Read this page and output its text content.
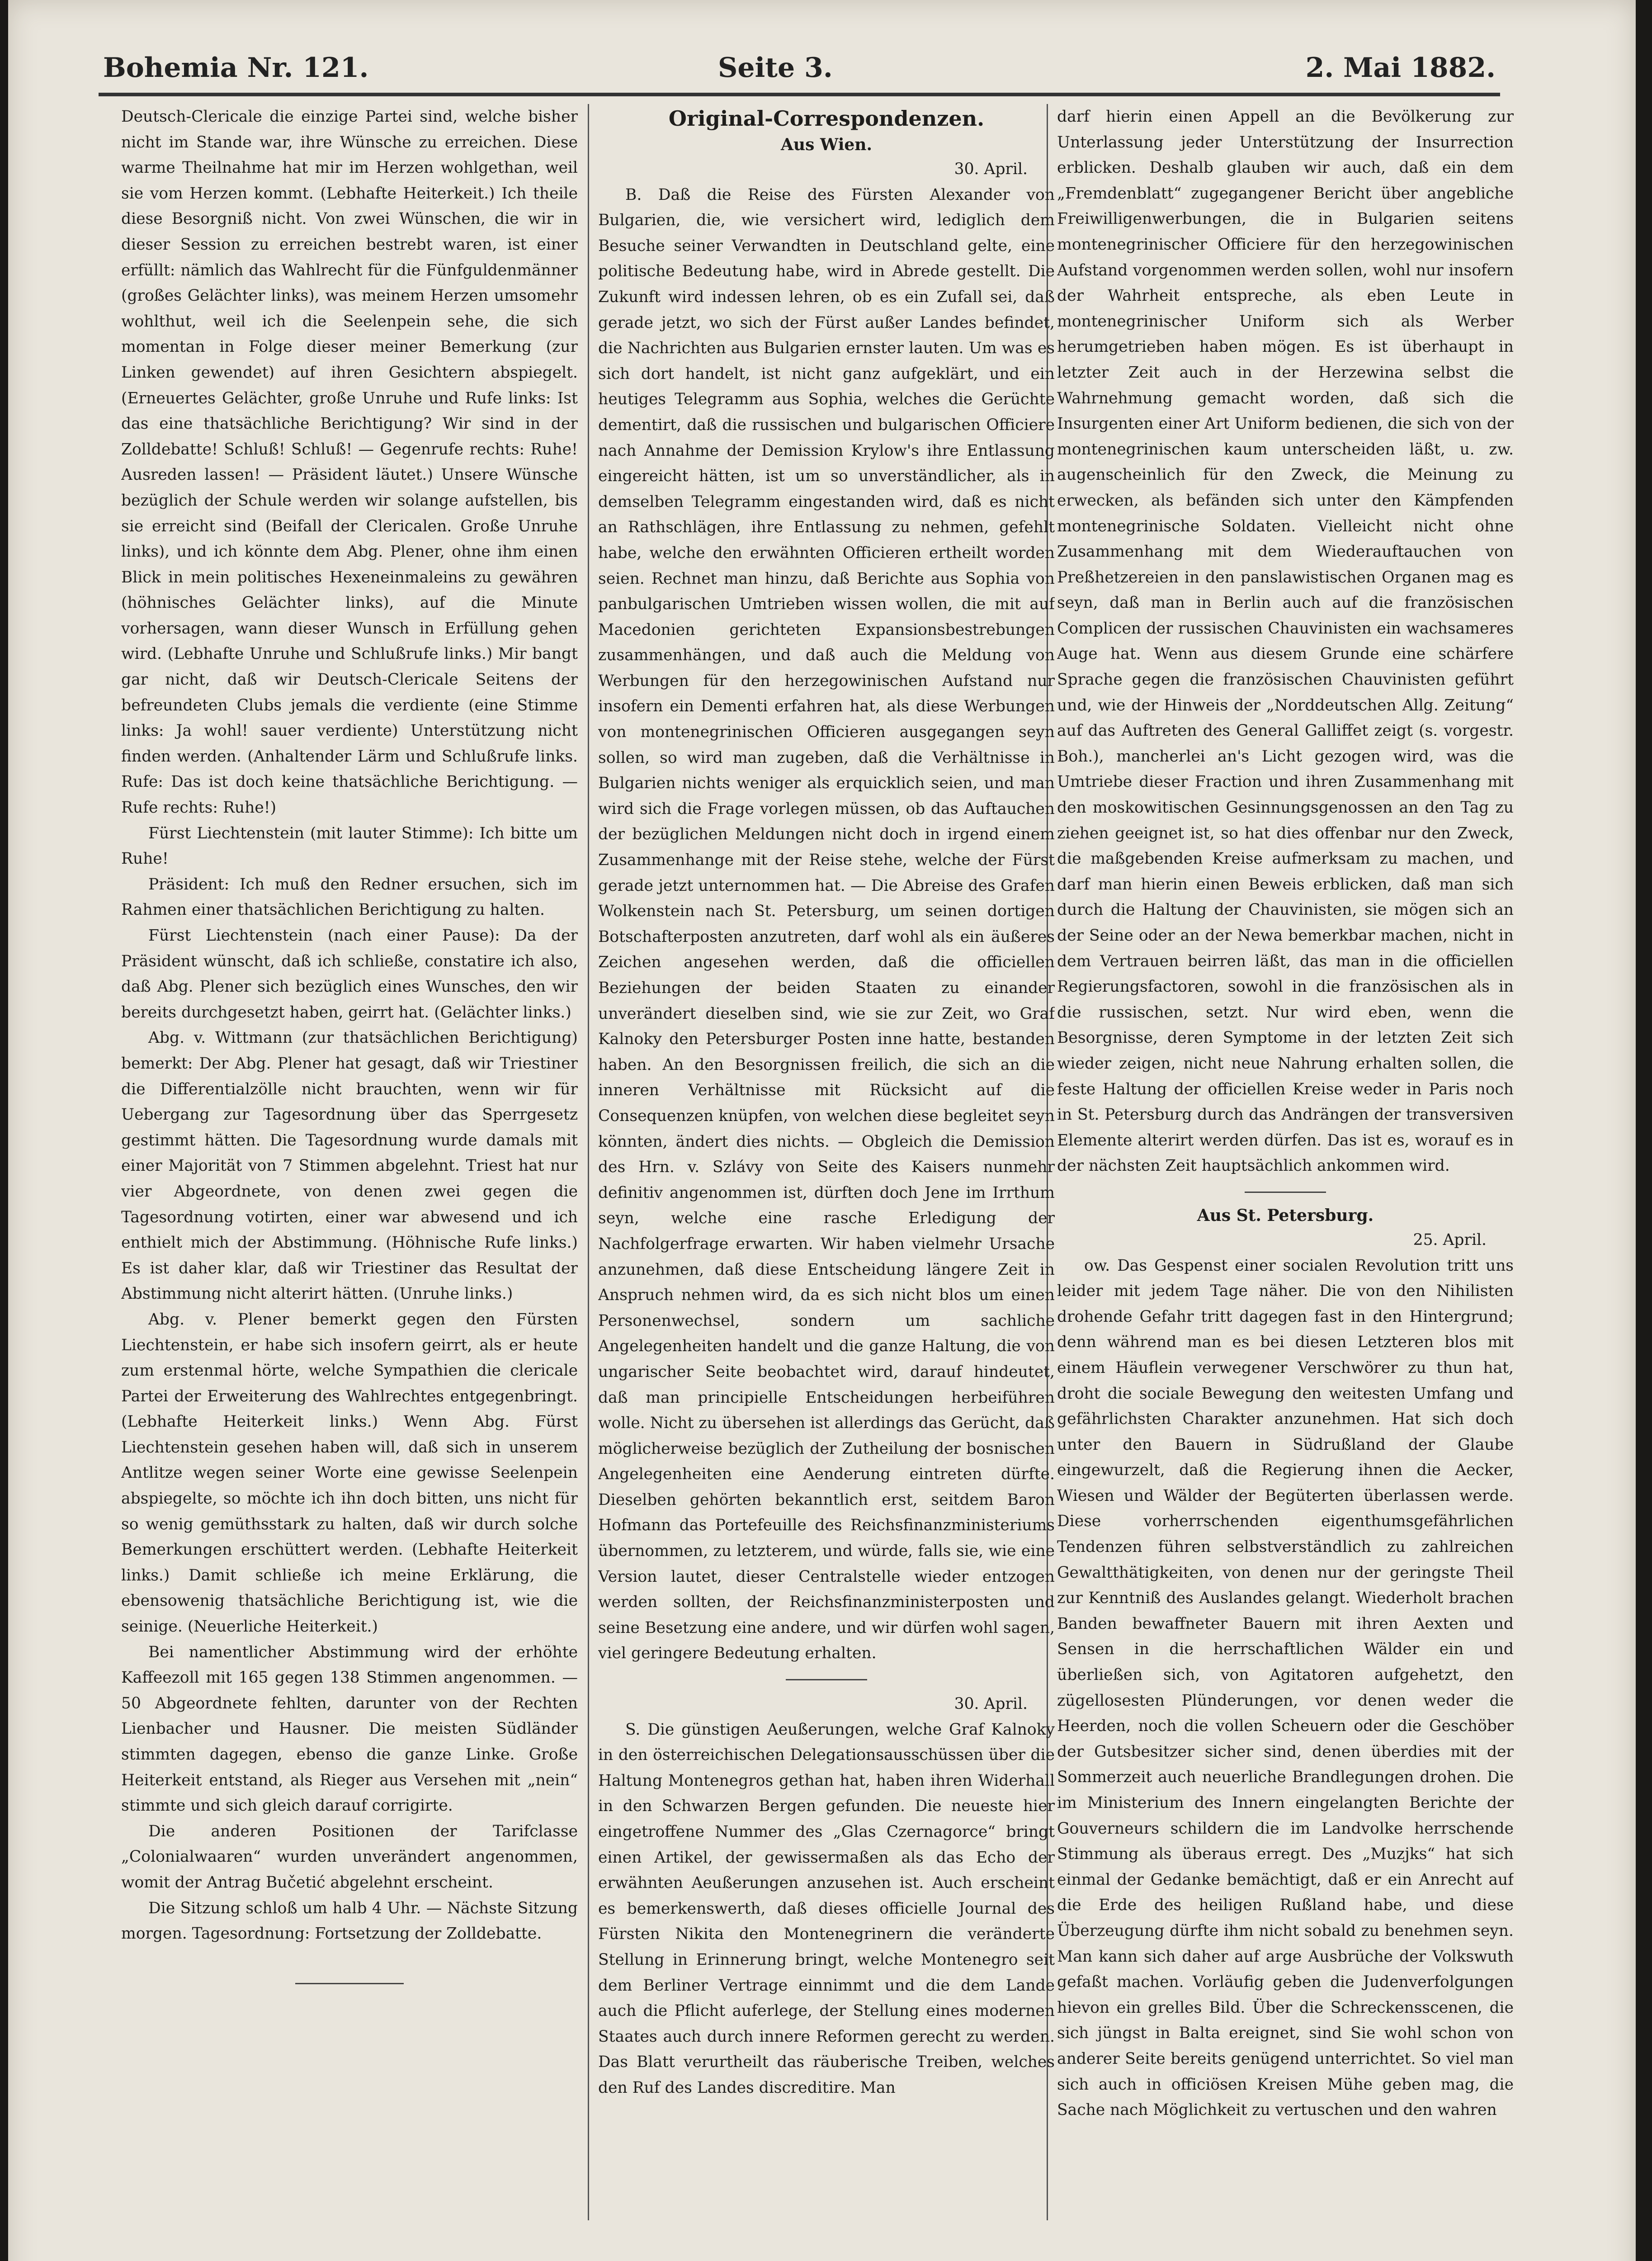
Bohemia Nr. 121.	Seite 3.	2. Mai 1882.

Deutsch-Clericale die einzige Partei sind, welche bisher nicht im Stande war, ihre Wünsche zu erreichen. Diese warme Theilnahme hat mir im Herzen wohlgethan, weil sie vom Herzen kommt. (Lebhafte Heiterkeit.) Ich theile diese Besorgniß nicht. Von zwei Wünschen, die wir in dieser Session zu erreichen bestrebt waren, ist einer erfüllt: nämlich das Wahlrecht für die Fünfguldenmänner (großes Gelächter links), was meinem Herzen umsomehr wohlthut, weil ich die Seelenpein sehe, die sich momentan in Folge dieser meiner Bemerkung (zur Linken gewendet) auf ihren Gesichtern abspiegelt. (Erneuertes Gelächter, große Unruhe und Rufe links: Ist das eine thatsächliche Berichtigung? Wir sind in der Zolldebatte! Schluß! Schluß! — Gegenrufe rechts: Ruhe! Ausreden lassen! — Präsident läutet.) Unsere Wünsche bezüglich der Schule werden wir solange aufstellen, bis sie erreicht sind (Beifall der Clericalen. Große Unruhe links), und ich könnte dem Abg. Plener, ohne ihm einen Blick in mein politisches Hexeneinmaleins zu gewähren (höhnisches Gelächter links), auf die Minute vorhersagen, wann dieser Wunsch in Erfüllung gehen wird. (Lebhafte Unruhe und Schlußrufe links.) Mir bangt gar nicht, daß wir Deutsch-Clericale Seitens der befreundeten Clubs jemals die verdiente (eine Stimme links: Ja wohl! sauer verdiente) Unterstützung nicht finden werden. (Anhaltender Lärm und Schlußrufe links. Rufe: Das ist doch keine thatsächliche Berichtigung. — Rufe rechts: Ruhe!)

Fürst Liechtenstein (mit lauter Stimme): Ich bitte um Ruhe!

Präsident: Ich muß den Redner ersuchen, sich im Rahmen einer thatsächlichen Berichtigung zu halten.

Fürst Liechtenstein (nach einer Pause): Da der Präsident wünscht, daß ich schließe, constatire ich also, daß Abg. Plener sich bezüglich eines Wunsches, den wir bereits durchgesetzt haben, geirrt hat. (Gelächter links.)

Abg. v. Wittmann (zur thatsächlichen Berichtigung) bemerkt: Der Abg. Plener hat gesagt, daß wir Triestiner die Differentialzölle nicht brauchten, wenn wir für Uebergang zur Tagesordnung über das Sperrgesetz gestimmt hätten. Die Tagesordnung wurde damals mit einer Majorität von 7 Stimmen abgelehnt. Triest hat nur vier Abgeordnete, von denen zwei gegen die Tagesordnung votirten, einer war abwesend und ich enthielt mich der Abstimmung. (Höhnische Rufe links.) Es ist daher klar, daß wir Triestiner das Resultat der Abstimmung nicht alterirt hätten. (Unruhe links.)

Abg. v. Plener bemerkt gegen den Fürsten Liechtenstein, er habe sich insofern geirrt, als er heute zum erstenmal hörte, welche Sympathien die clericale Partei der Erweiterung des Wahlrechtes entgegenbringt. (Lebhafte Heiterkeit links.) Wenn Abg. Fürst Liechtenstein gesehen haben will, daß sich in unserem Antlitze wegen seiner Worte eine gewisse Seelenpein abspiegelte, so möchte ich ihn doch bitten, uns nicht für so wenig gemüthsstark zu halten, daß wir durch solche Bemerkungen erschüttert werden. (Lebhafte Heiterkeit links.) Damit schließe ich meine Erklärung, die ebensowenig thatsächliche Berichtigung ist, wie die seinige. (Neuerliche Heiterkeit.)

Bei namentlicher Abstimmung wird der erhöhte Kaffeezoll mit 165 gegen 138 Stimmen angenommen. — 50 Abgeordnete fehlten, darunter von der Rechten Lienbacher und Hausner. Die meisten Südländer stimmten dagegen, ebenso die ganze Linke. Große Heiterkeit entstand, als Rieger aus Versehen mit „nein“ stimmte und sich gleich darauf corrigirte.

Die anderen Positionen der Tarifclasse „Colonialwaaren“ wurden unverändert angenommen, womit der Antrag Bučetić abgelehnt erscheint.

Die Sitzung schloß um halb 4 Uhr. — Nächste Sitzung morgen. Tagesordnung: Fortsetzung der Zolldebatte.

Original-Correspondenzen.

Aus Wien.

30. April.

B. Daß die Reise des Fürsten Alexander von Bulgarien, die, wie versichert wird, lediglich dem Besuche seiner Verwandten in Deutschland gelte, eine politische Bedeutung habe, wird in Abrede gestellt. Die Zukunft wird indessen lehren, ob es ein Zufall sei, daß gerade jetzt, wo sich der Fürst außer Landes befindet, die Nachrichten aus Bulgarien ernster lauten. Um was es sich dort handelt, ist nicht ganz aufgeklärt, und ein heutiges Telegramm aus Sophia, welches die Gerüchte dementirt, daß die russischen und bulgarischen Officiere nach Annahme der Demission Krylow's ihre Entlassung eingereicht hätten, ist um so unverständlicher, als in demselben Telegramm eingestanden wird, daß es nicht an Rathschlägen, ihre Entlassung zu nehmen, gefehlt habe, welche den erwähnten Officieren ertheilt worden seien. Rechnet man hinzu, daß Berichte aus Sophia von panbulgarischen Umtrieben wissen wollen, die mit auf Macedonien gerichteten Expansionsbestrebungen zusammenhängen, und daß auch die Meldung von Werbungen für den herzegowinischen Aufstand nur insofern ein Dementi erfahren hat, als diese Werbungen von montenegrinischen Officieren ausgegangen seyn sollen, so wird man zugeben, daß die Verhältnisse in Bulgarien nichts weniger als erquicklich seien, und man wird sich die Frage vorlegen müssen, ob das Auftauchen der bezüglichen Meldungen nicht doch in irgend einem Zusammenhange mit der Reise stehe, welche der Fürst gerade jetzt unternommen hat. — Die Abreise des Grafen Wolkenstein nach St. Petersburg, um seinen dortigen Botschafterposten anzutreten, darf wohl als ein äußeres Zeichen angesehen werden, daß die officiellen Beziehungen der beiden Staaten zu einander unverändert dieselben sind, wie sie zur Zeit, wo Graf Kalnoky den Petersburger Posten inne hatte, bestanden haben. An den Besorgnissen freilich, die sich an die inneren Verhältnisse mit Rücksicht auf die Consequenzen knüpfen, von welchen diese begleitet seyn könnten, ändert dies nichts. — Obgleich die Demission des Hrn. v. Szlávy von Seite des Kaisers nunmehr definitiv angenommen ist, dürften doch Jene im Irrthum seyn, welche eine rasche Erledigung der Nachfolgerfrage erwarten. Wir haben vielmehr Ursache anzunehmen, daß diese Entscheidung längere Zeit in Anspruch nehmen wird, da es sich nicht blos um einen Personenwechsel, sondern um sachliche Angelegenheiten handelt und die ganze Haltung, die von ungarischer Seite beobachtet wird, darauf hindeutet, daß man principielle Entscheidungen herbeiführen wolle. Nicht zu übersehen ist allerdings das Gerücht, daß möglicherweise bezüglich der Zutheilung der bosnischen Angelegenheiten eine Aenderung eintreten dürfte. Dieselben gehörten bekanntlich erst, seitdem Baron Hofmann das Portefeuille des Reichsfinanzministeriums übernommen, zu letzterem, und würde, falls sie, wie eine Version lautet, dieser Centralstelle wieder entzogen werden sollten, der Reichsfinanzministerposten und seine Besetzung eine andere, und wir dürfen wohl sagen, viel geringere Bedeutung erhalten.

30. April.

S. Die günstigen Aeußerungen, welche Graf Kalnoky in den österreichischen Delegationsausschüssen über die Haltung Montenegros gethan hat, haben ihren Widerhall in den Schwarzen Bergen gefunden. Die neueste hier eingetroffene Nummer des „Glas Czernagorce“ bringt einen Artikel, der gewissermaßen als das Echo der erwähnten Aeußerungen anzusehen ist. Auch erscheint es bemerkenswerth, daß dieses officielle Journal des Fürsten Nikita den Montenegrinern die veränderte Stellung in Erinnerung bringt, welche Montenegro seit dem Berliner Vertrage einnimmt und die dem Lande auch die Pflicht auferlege, der Stellung eines modernen Staates auch durch innere Reformen gerecht zu werden. Das Blatt verurtheilt das räuberische Treiben, welches den Ruf des Landes discreditire. Man

darf hierin einen Appell an die Bevölkerung zur Unterlassung jeder Unterstützung der Insurrection erblicken. Deshalb glauben wir auch, daß ein dem „Fremdenblatt“ zugegangener Bericht über angebliche Freiwilligenwerbungen, die in Bulgarien seitens montenegrinischer Officiere für den herzegowinischen Aufstand vorgenommen werden sollen, wohl nur insofern der Wahrheit entspreche, als eben Leute in montenegrinischer Uniform sich als Werber herumgetrieben haben mögen. Es ist überhaupt in letzter Zeit auch in der Herzewina selbst die Wahrnehmung gemacht worden, daß sich die Insurgenten einer Art Uniform bedienen, die sich von der montenegrinischen kaum unterscheiden läßt, u. zw. augenscheinlich für den Zweck, die Meinung zu erwecken, als befänden sich unter den Kämpfenden montenegrinische Soldaten. Vielleicht nicht ohne Zusammenhang mit dem Wiederauftauchen von Preßhetzereien in den panslawistischen Organen mag es seyn, daß man in Berlin auch auf die französischen Complicen der russischen Chauvinisten ein wachsameres Auge hat. Wenn aus diesem Grunde eine schärfere Sprache gegen die französischen Chauvinisten geführt und, wie der Hinweis der „Norddeutschen Allg. Zeitung“ auf das Auftreten des General Galliffet zeigt (s. vorgestr. Boh.), mancherlei an's Licht gezogen wird, was die Umtriebe dieser Fraction und ihren Zusammenhang mit den moskowitischen Gesinnungsgenossen an den Tag zu ziehen geeignet ist, so hat dies offenbar nur den Zweck, die maßgebenden Kreise aufmerksam zu machen, und darf man hierin einen Beweis erblicken, daß man sich durch die Haltung der Chauvinisten, sie mögen sich an der Seine oder an der Newa bemerkbar machen, nicht in dem Vertrauen beirren läßt, das man in die officiellen Regierungsfactoren, sowohl in die französischen als in die russischen, setzt. Nur wird eben, wenn die Besorgnisse, deren Symptome in der letzten Zeit sich wieder zeigen, nicht neue Nahrung erhalten sollen, die feste Haltung der officiellen Kreise weder in Paris noch in St. Petersburg durch das Andrängen der transversiven Elemente alterirt werden dürfen. Das ist es, worauf es in der nächsten Zeit hauptsächlich ankommen wird.

Aus St. Petersburg.

25. April.

ow. Das Gespenst einer socialen Revolution tritt uns leider mit jedem Tage näher. Die von den Nihilisten drohende Gefahr tritt dagegen fast in den Hintergrund; denn während man es bei diesen Letzteren blos mit einem Häuflein verwegener Verschwörer zu thun hat, droht die sociale Bewegung den weitesten Umfang und gefährlichsten Charakter anzunehmen. Hat sich doch unter den Bauern in Südrußland der Glaube eingewurzelt, daß die Regierung ihnen die Aecker, Wiesen und Wälder der Begüterten überlassen werde. Diese vorherrschenden eigenthumsgefährlichen Tendenzen führen selbstverständlich zu zahlreichen Gewaltthätigkeiten, von denen nur der geringste Theil zur Kenntniß des Auslandes gelangt. Wiederholt brachen Banden bewaffneter Bauern mit ihren Aexten und Sensen in die herrschaftlichen Wälder ein und überließen sich, von Agitatoren aufgehetzt, den zügellosesten Plünderungen, vor denen weder die Heerden, noch die vollen Scheuern oder die Geschöber der Gutsbesitzer sicher sind, denen überdies mit der Sommerzeit auch neuerliche Brandlegungen drohen. Die im Ministerium des Innern eingelangten Berichte der Gouverneurs schildern die im Landvolke herrschende Stimmung als überaus erregt. Des „Muzjks“ hat sich einmal der Gedanke bemächtigt, daß er ein Anrecht auf die Erde des heiligen Rußland habe, und diese Überzeugung dürfte ihm nicht sobald zu benehmen seyn. Man kann sich daher auf arge Ausbrüche der Volkswuth gefaßt machen. Vorläufig geben die Judenverfolgungen hievon ein grelles Bild. Über die Schreckensscenen, die sich jüngst in Balta ereignet, sind Sie wohl schon von anderer Seite bereits genügend unterrichtet. So viel man sich auch in officiösen Kreisen Mühe geben mag, die Sache nach Möglichkeit zu vertuschen und den wahren
